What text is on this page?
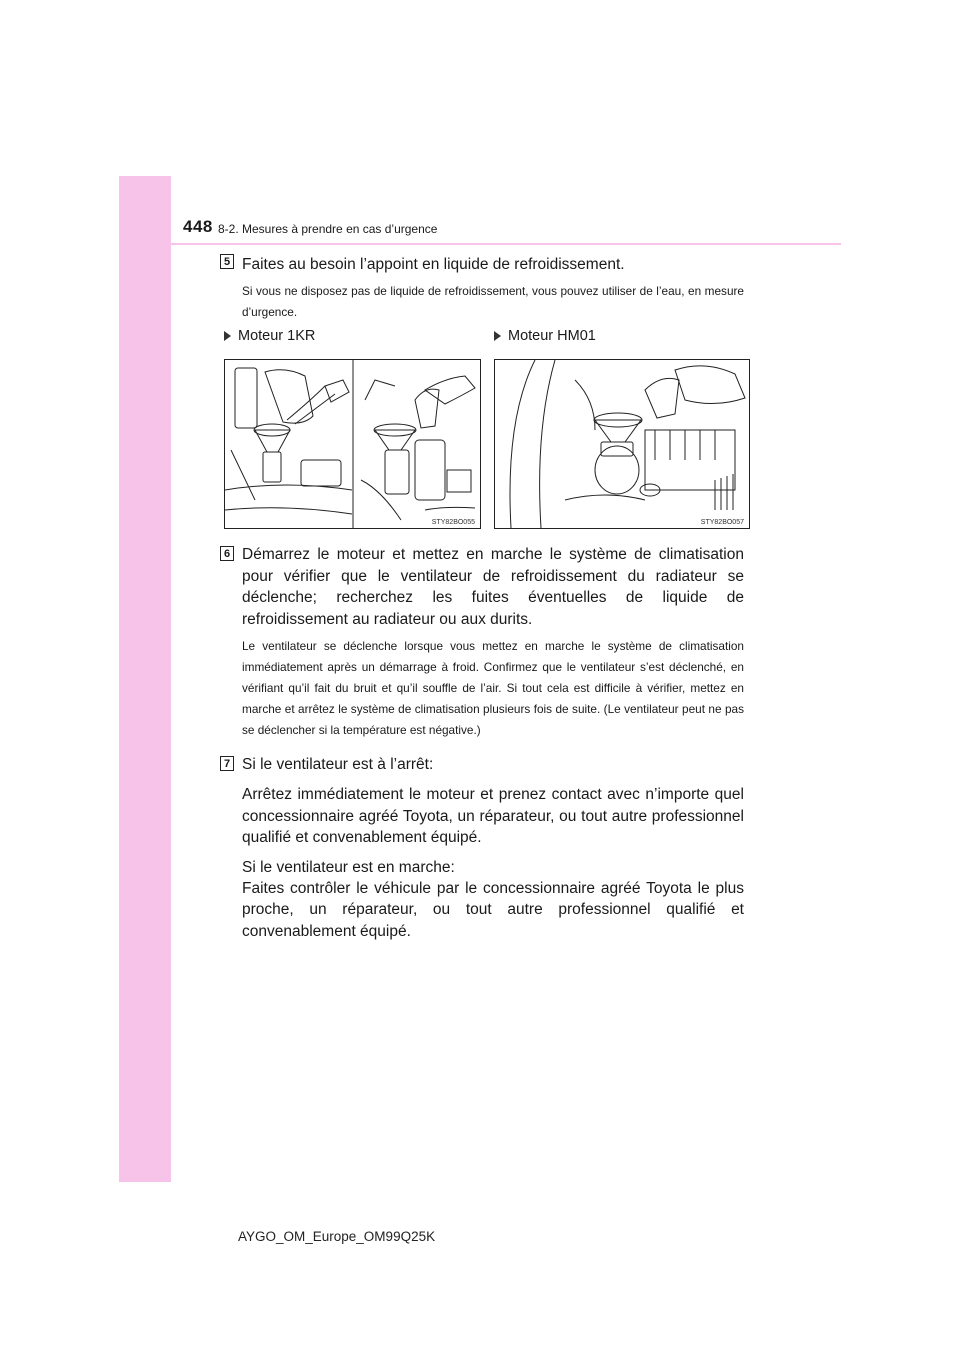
448 8-2. Mesures à prendre en cas d’urgence
5 Faites au besoin l’appoint en liquide de refroidissement.

Si vous ne disposez pas de liquide de refroidissement, vous pouvez utiliser de l’eau, en mesure d’urgence.

Moteur 1KR	Moteur HM01
STY82BO055	STY82BO057
6 Démarrez le moteur et mettez en marche le système de climatisation pour vérifier que le ventilateur de refroidissement du radiateur se déclenche; recherchez les fuites éventuelles de liquide de refroidissement au radiateur ou aux durits.

Le ventilateur se déclenche lorsque vous mettez en marche le système de climatisation immédiatement après un démarrage à froid. Confirmez que le ventilateur s’est déclenché, en vérifiant qu’il fait du bruit et qu’il souffle de l’air. Si tout cela est difficile à vérifier, mettez en marche et arrêtez le système de climatisation plusieurs fois de suite. (Le ventilateur peut ne pas se déclencher si la température est négative.)

7 Si le ventilateur est à l’arrêt:

Arrêtez immédiatement le moteur et prenez contact avec n’importe quel concessionnaire agréé Toyota, un réparateur, ou tout autre professionnel qualifié et convenablement équipé.

Si le ventilateur est en marche:

Faites contrôler le véhicule par le concessionnaire agréé Toyota le plus proche, un réparateur, ou tout autre professionnel qualifié et convenablement équipé.

AYGO_OM_Europe_OM99Q25K
